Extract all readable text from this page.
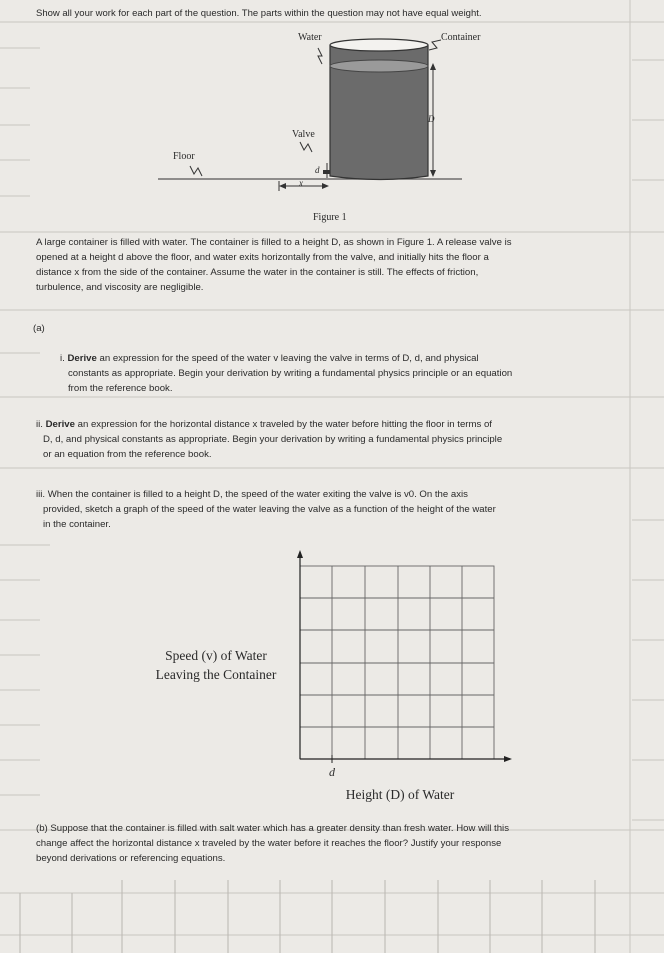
Show all your work for each part of the question. The parts within the question may not have equal weight.
Water	Container
Valve
Floor
D
d
x
Figure 1
A large container is filled with water. The container is filled to a height D, as shown in Figure 1. A release valve is
opened at a height d above the floor, and water exits horizontally from the valve, and initially hits the floor a
distance x from the side of the container. Assume the water in the container is still. The effects of friction,
turbulence, and viscosity are negligible.
(a)
i. Derive an expression for the speed of the water v leaving the valve in terms of D, d, and physical
constants as appropriate. Begin your derivation by writing a fundamental physics principle or an equation
from the reference book.
ii. Derive an expression for the horizontal distance x traveled by the water before hitting the floor in terms of
D, d, and physical constants as appropriate. Begin your derivation by writing a fundamental physics principle
or an equation from the reference book.
iii. When the container is filled to a height D, the speed of the water exiting the valve is v0. On the axis
provided, sketch a graph of the speed of the water leaving the valve as a function of the height of the water
in the container.
Speed (v) of Water
Leaving the Container
d
Height (D) of Water
(b) Suppose that the container is filled with salt water which has a greater density than fresh water. How will this
change affect the horizontal distance x traveled by the water before it reaches the floor? Justify your response
beyond derivations or referencing equations.
